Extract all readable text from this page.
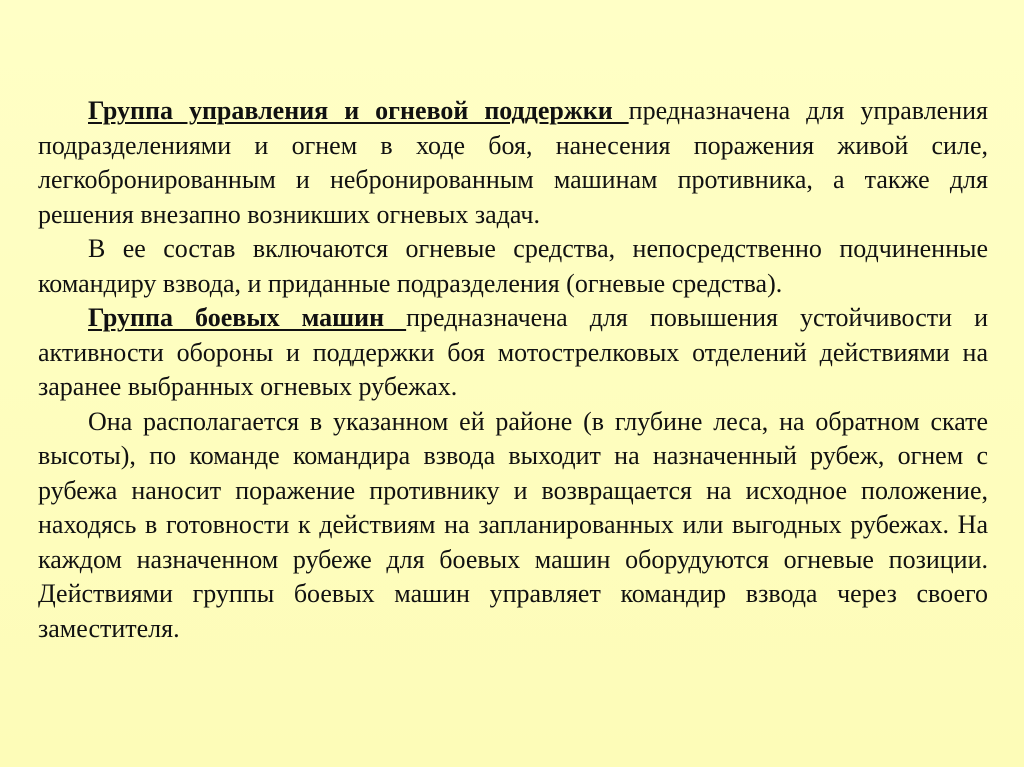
Группа управления и огневой поддержки предназначена для управления подразделениями и огнем в ходе боя, нанесения поражения живой силе, легкобронированным и небронированным машинам противника, а также для решения внезапно возникших огневых задач.

В ее состав включаются огневые средства, непосредственно подчиненные командиру взвода, и приданные подразделения (огневые средства).

Группа боевых машин предназначена для повышения устойчивости и активности обороны и поддержки боя мотострелковых отделений действиями на заранее выбранных огневых рубежах.

Она располагается в указанном ей районе (в глубине леса, на обратном скате высоты), по команде командира взвода выходит на назначенный рубеж, огнем с рубежа наносит поражение противнику и возвращается на исходное положение, находясь в готовности к действиям на запланированных или выгодных рубежах. На каждом назначенном рубеже для боевых машин оборудуются огневые позиции. Действиями группы боевых машин управляет командир взвода через своего заместителя.
